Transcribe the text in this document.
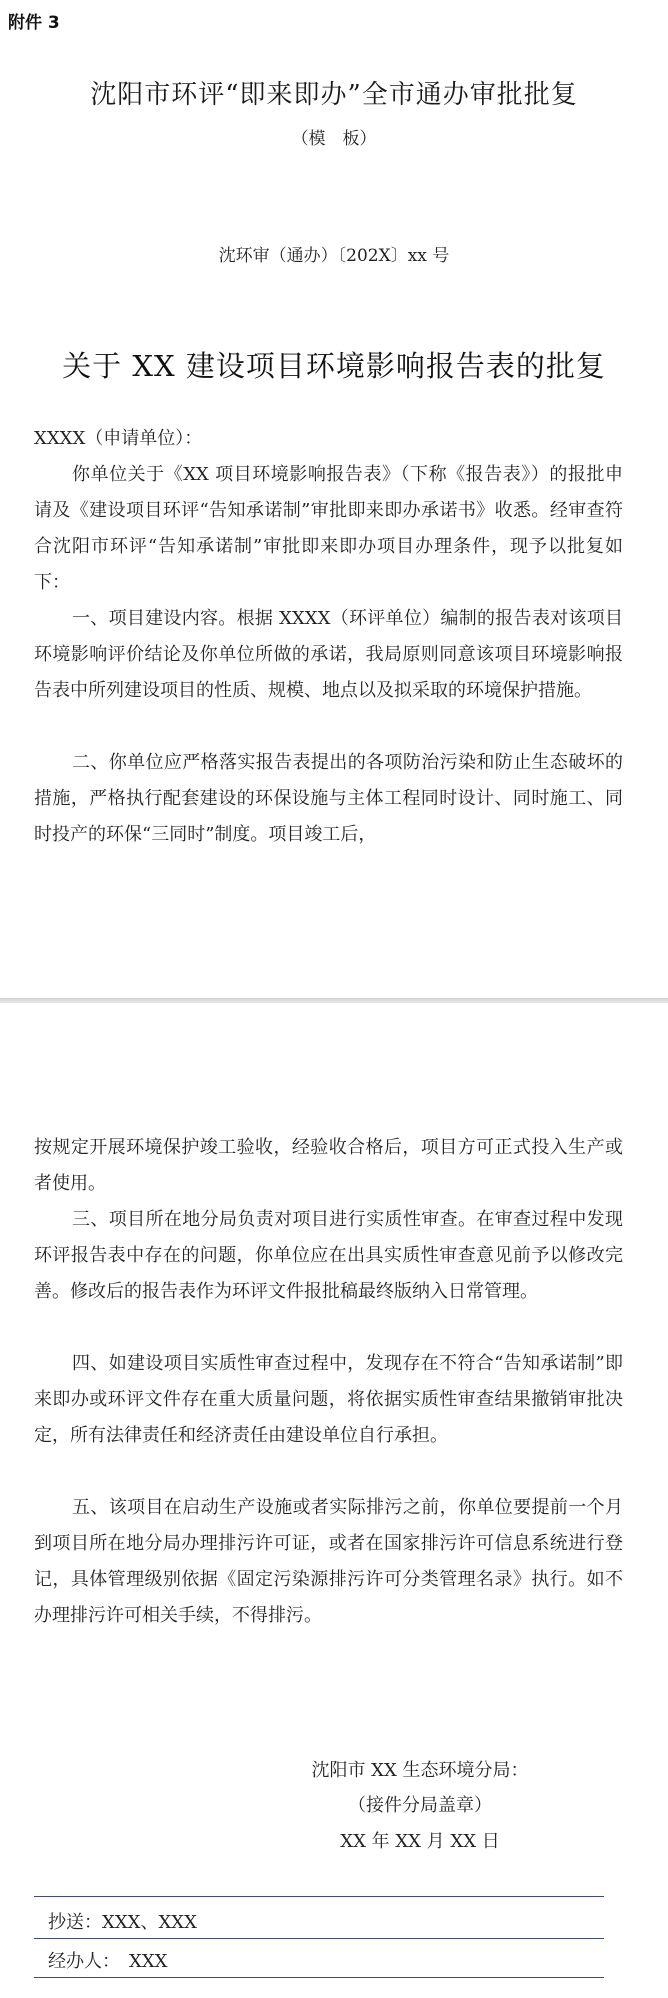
附件 3
沈阳市环评“即来即办”全市通办审批批复
（模　板）
沈环审（通办）〔202X〕xx 号
关于 XX 建设项目环境影响报告表的批复

XXXX（申请单位）：

你单位关于《XX 项目环境影响报告表》（下称《报告表》）的报批申请及《建设项目环评“告知承诺制”审批即来即办承诺书》收悉。经审查符合沈阳市环评“告知承诺制”审批即来即办项目办理条件，现予以批复如下：

一、项目建设内容。根据 XXXX（环评单位）编制的报告表对该项目环境影响评价结论及你单位所做的承诺，我局原则同意该项目环境影响报告表中所列建设项目的性质、规模、地点以及拟采取的环境保护措施。

二、你单位应严格落实报告表提出的各项防治污染和防止生态破坏的措施，严格执行配套建设的环保设施与主体工程同时设计、同时施工、同时投产的环保“三同时”制度。项目竣工后，

按规定开展环境保护竣工验收，经验收合格后，项目方可正式投入生产或者使用。

三、项目所在地分局负责对项目进行实质性审查。在审查过程中发现环评报告表中存在的问题，你单位应在出具实质性审查意见前予以修改完善。修改后的报告表作为环评文件报批稿最终版纳入日常管理。

四、如建设项目实质性审查过程中，发现存在不符合“告知承诺制”即来即办或环评文件存在重大质量问题，将依据实质性审查结果撤销审批决定，所有法律责任和经济责任由建设单位自行承担。

五、该项目在启动生产设施或者实际排污之前，你单位要提前一个月到项目所在地分局办理排污许可证，或者在国家排污许可信息系统进行登记，具体管理级别依据《固定污染源排污许可分类管理名录》执行。如不办理排污许可相关手续，不得排污。

沈阳市 XX 生态环境分局：
（接件分局盖章）
XX 年 XX 月 XX 日
抄送：XXX、XXX
经办人：　XXX
